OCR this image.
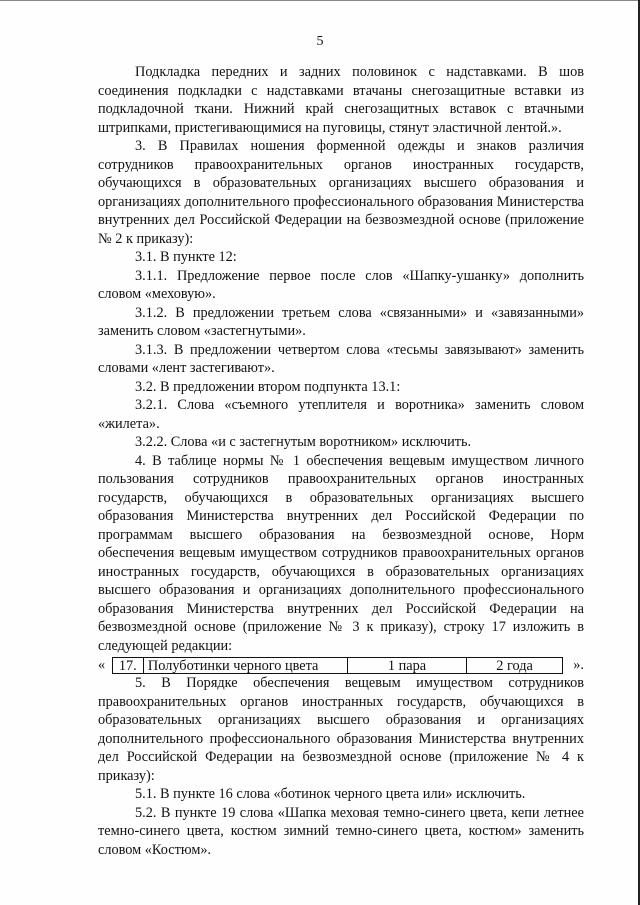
5

Подкладка передних и задних половинок с надставками. В шов соединения подкладки с надставками втачаны снегозащитные вставки из подкладочной ткани. Нижний край снегозащитных вставок с втачными штрипками, пристегивающимися на пуговицы, стянут эластичной лентой.».

3. В Правилах ношения форменной одежды и знаков различия сотрудников правоохранительных органов иностранных государств, обучающихся в образовательных организациях высшего образования и организациях дополнительного профессионального образования Министерства внутренних дел Российской Федерации на безвозмездной основе (приложение № 2 к приказу):

3.1. В пункте 12:

3.1.1. Предложение первое после слов «Шапку-ушанку» дополнить словом «меховую».

3.1.2. В предложении третьем слова «связанными» и «завязанными» заменить словом «застегнутыми».

3.1.3. В предложении четвертом слова «тесьмы завязывают» заменить словами «лент застегивают».

3.2. В предложении втором подпункта 13.1:

3.2.1. Слова «съемного утеплителя и воротника» заменить словом «жилета».

3.2.2. Слова «и с застегнутым воротником» исключить.

4. В таблице нормы № 1 обеспечения вещевым имуществом личного пользования сотрудников правоохранительных органов иностранных государств, обучающихся в образовательных организациях высшего образования Министерства внутренних дел Российской Федерации по программам высшего образования на безвозмездной основе, Норм обеспечения вещевым имуществом сотрудников правоохранительных органов иностранных государств, обучающихся в образовательных организациях высшего образования и организациях дополнительного профессионального образования Министерства внутренних дел Российской Федерации на безвозмездной основе (приложение № 3 к приказу), строку 17 изложить в следующей редакции:

« 17. Полуботинки черного цвета	1 пара	2 года	».

5. В Порядке обеспечения вещевым имуществом сотрудников правоохранительных органов иностранных государств, обучающихся в образовательных организациях высшего образования и организациях дополнительного профессионального образования Министерства внутренних дел Российской Федерации на безвозмездной основе (приложение № 4 к приказу):

5.1. В пункте 16 слова «ботинок черного цвета или» исключить.

5.2. В пункте 19 слова «Шапка меховая темно-синего цвета, кепи летнее темно-синего цвета, костюм зимний темно-синего цвета, костюм» заменить словом «Костюм».
